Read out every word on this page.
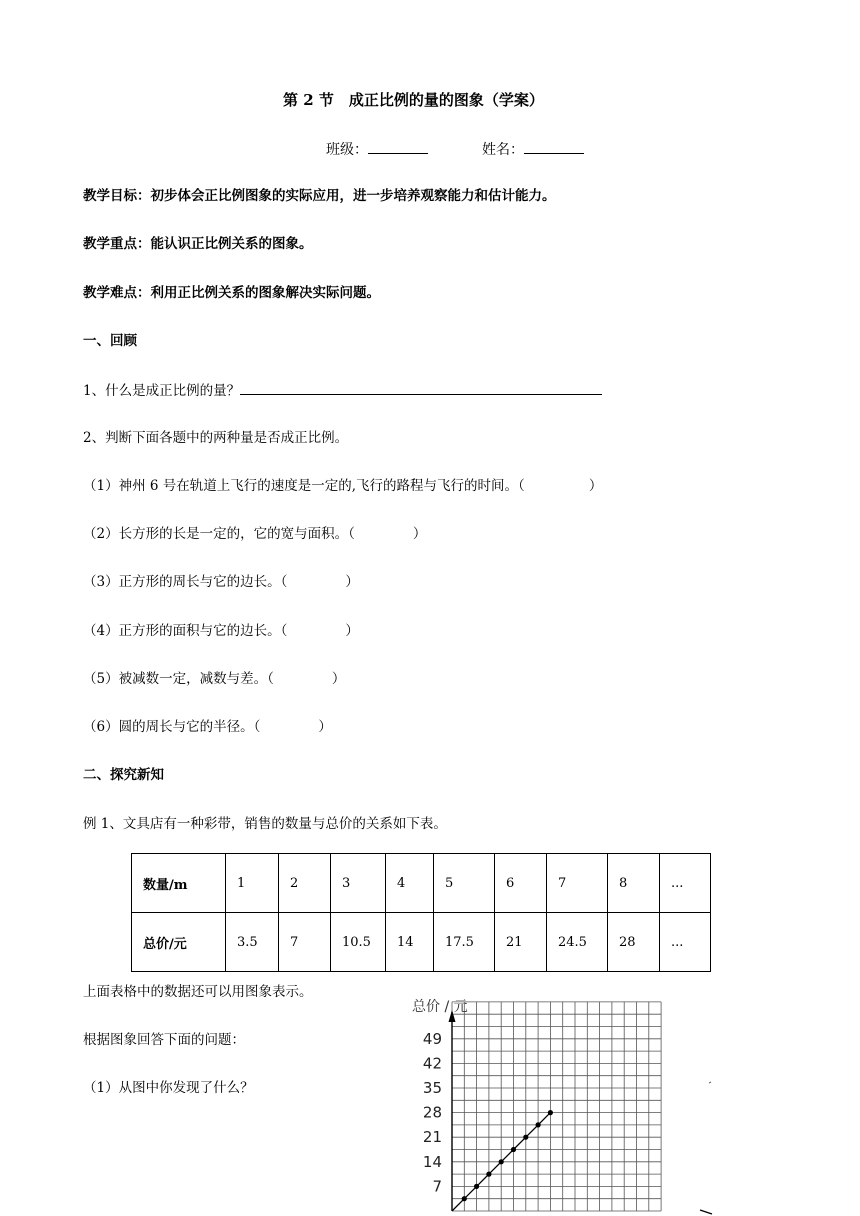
第 2 节　成正比例的量的图象（学案）
班级：	姓名：
教学目标：初步体会正比例图象的实际应用，进一步培养观察能力和估计能力。
教学重点：能认识正比例关系的图象。
教学难点：利用正比例关系的图象解决实际问题。
一、回顾
1、什么是成正比例的量？
2、判断下面各题中的两种量是否成正比例。
（1）神州 6 号在轨道上飞行的速度是一定的,飞行的路程与飞行的时间。（	）
（2）长方形的长是一定的，它的宽与面积。（	）
（3）正方形的周长与它的边长。（	）
（4）正方形的面积与它的边长。（	）
（5）被减数一定，减数与差。（	）
（6）圆的周长与它的半径。（	）
二、探究新知
例 1、文具店有一种彩带，销售的数量与总价的关系如下表。
数量/m	1	2	3	4	5	6	7	8	...
总价/元	3.5	7	10.5	14	17.5	21	24.5	28	...
上面表格中的数据还可以用图象表示。
根据图象回答下面的问题：
（1）从图中你发现了什么？
7
14
21
28
35
42
49
总价 / 元
